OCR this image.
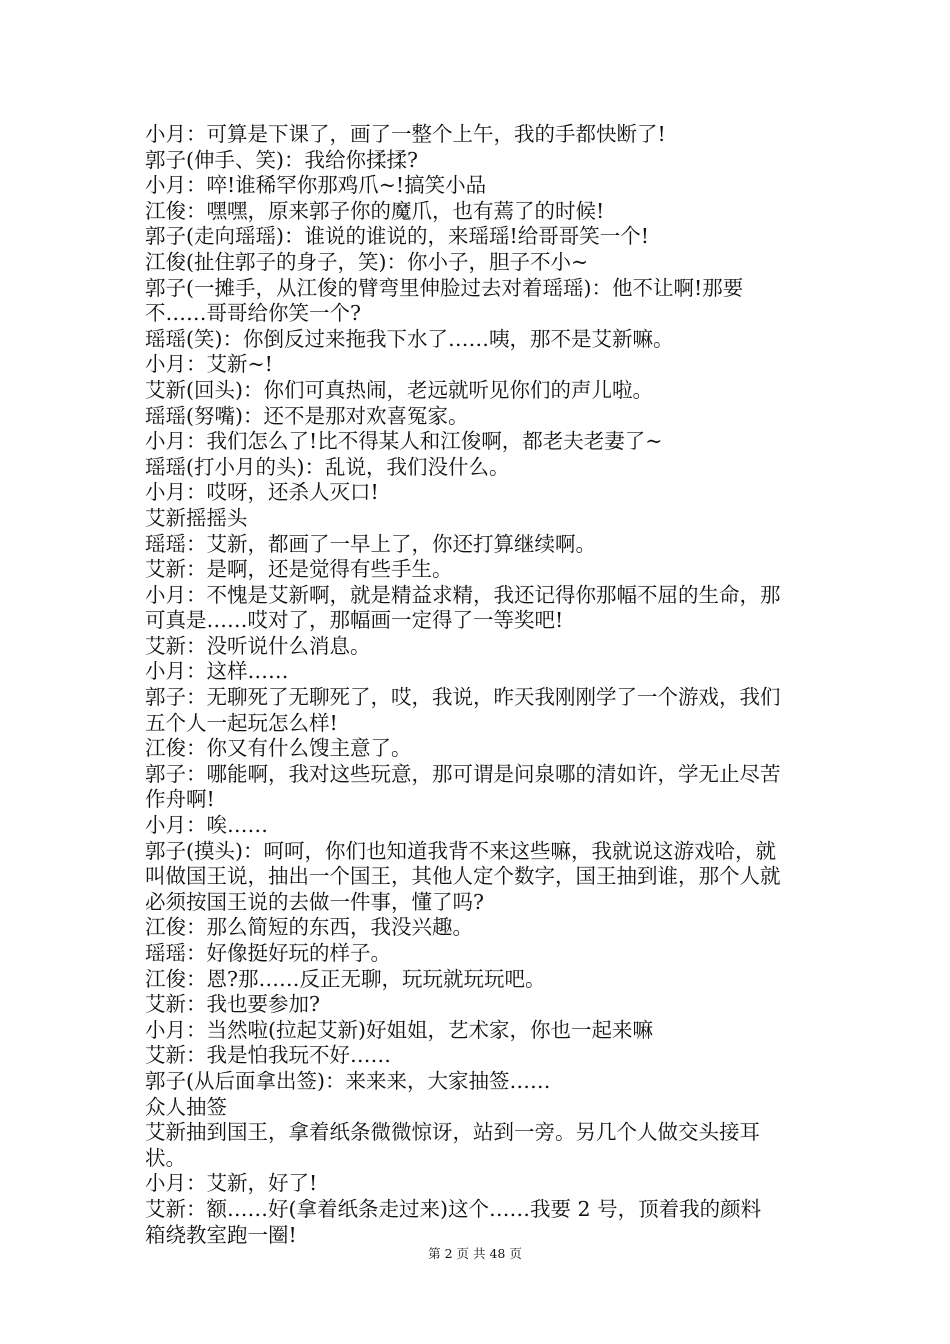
小月：可算是下课了，画了一整个上午，我的手都快断了!

郭子(伸手、笑)：我给你揉揉?

小月：啐!谁稀罕你那鸡爪~!搞笑小品

江俊：嘿嘿，原来郭子你的魔爪，也有蔫了的时候!

郭子(走向瑶瑶)：谁说的谁说的，来瑶瑶!给哥哥笑一个!

江俊(扯住郭子的身子，笑)：你小子，胆子不小~

郭子(一摊手，从江俊的臂弯里伸脸过去对着瑶瑶)：他不让啊!那要

不……哥哥给你笑一个?

瑶瑶(笑)：你倒反过来拖我下水了……咦，那不是艾新嘛。

小月：艾新~!

艾新(回头)：你们可真热闹，老远就听见你们的声儿啦。

瑶瑶(努嘴)：还不是那对欢喜冤家。

小月：我们怎么了!比不得某人和江俊啊，都老夫老妻了~

瑶瑶(打小月的头)：乱说，我们没什么。

小月：哎呀，还杀人灭口!

艾新摇摇头

瑶瑶：艾新，都画了一早上了，你还打算继续啊。

艾新：是啊，还是觉得有些手生。

小月：不愧是艾新啊，就是精益求精，我还记得你那幅不屈的生命，那

可真是……哎对了，那幅画一定得了一等奖吧!

艾新：没听说什么消息。

小月：这样……

郭子：无聊死了无聊死了，哎，我说，昨天我刚刚学了一个游戏，我们

五个人一起玩怎么样!

江俊：你又有什么馊主意了。

郭子：哪能啊，我对这些玩意，那可谓是问泉哪的清如许，学无止尽苦

作舟啊!

小月：唉……

郭子(摸头)：呵呵，你们也知道我背不来这些嘛，我就说这游戏哈，就

叫做国王说，抽出一个国王，其他人定个数字，国王抽到谁，那个人就

必须按国王说的去做一件事，懂了吗?

江俊：那么简短的东西，我没兴趣。

瑶瑶：好像挺好玩的样子。

江俊：恩?那……反正无聊，玩玩就玩玩吧。

艾新：我也要参加?

小月：当然啦(拉起艾新)好姐姐，艺术家，你也一起来嘛

艾新：我是怕我玩不好……

郭子(从后面拿出签)：来来来，大家抽签……

众人抽签

艾新抽到国王，拿着纸条微微惊讶，站到一旁。另几个人做交头接耳

状。

小月：艾新，好了!

艾新：额……好(拿着纸条走过来)这个……我要 2 号，顶着我的颜料

箱绕教室跑一圈!

第 2 页 共 48 页
